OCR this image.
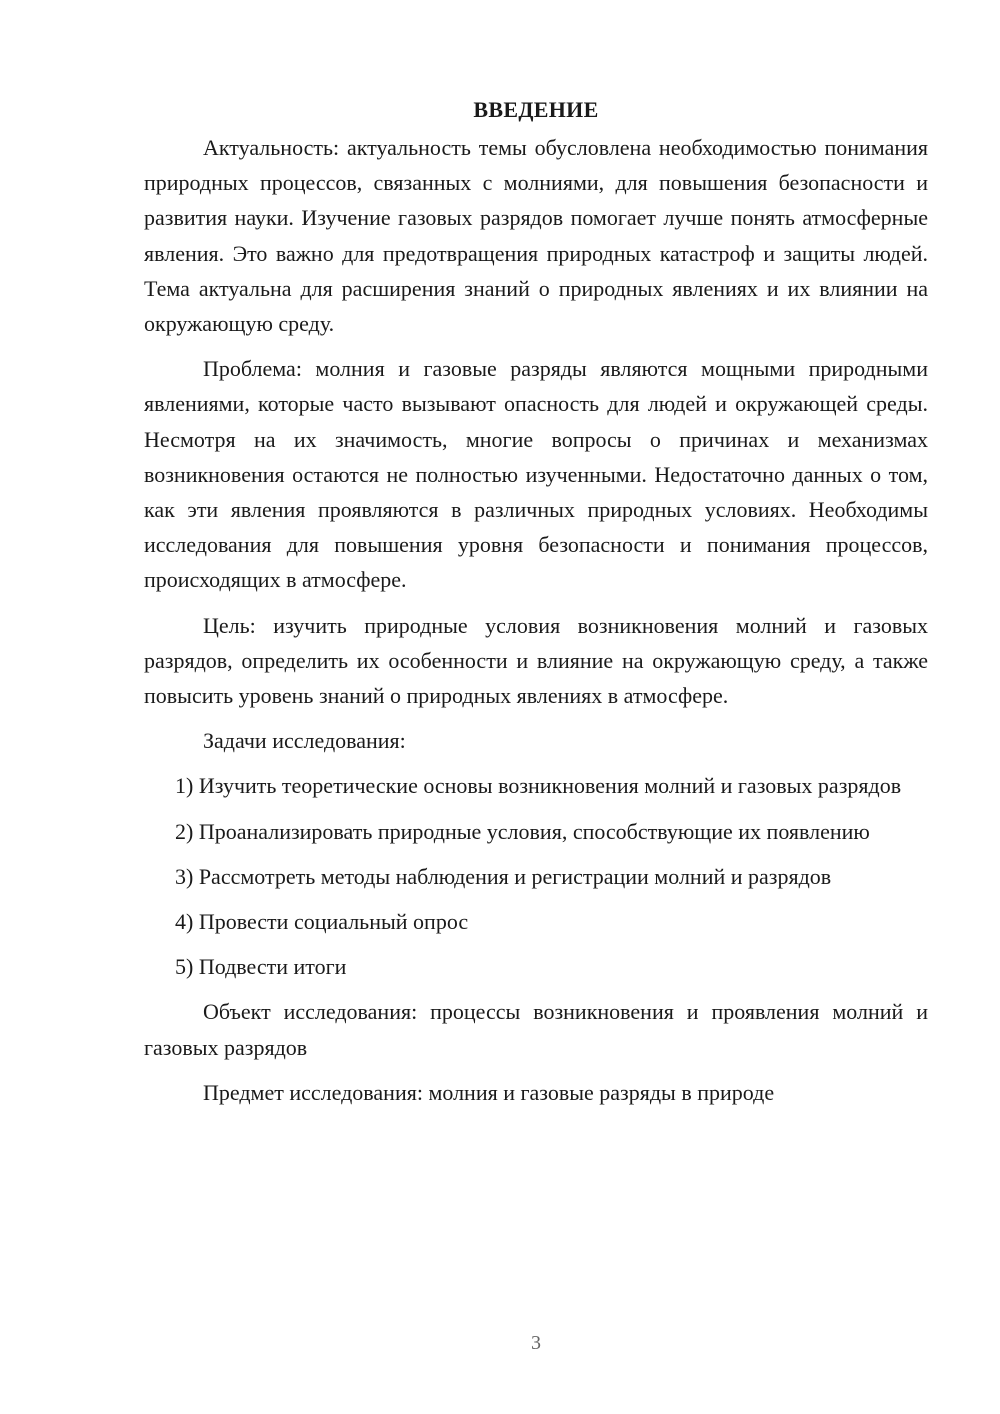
ВВЕДЕНИЕ

Актуальность: актуальность темы обусловлена необходимостью понимания природных процессов, связанных с молниями, для повышения безопасности и развития науки. Изучение газовых разрядов помогает лучше понять атмосферные явления. Это важно для предотвращения природных катастроф и защиты людей. Тема актуальна для расширения знаний о природных явлениях и их влиянии на окружающую среду.

Проблема: молния и газовые разряды являются мощными природными явлениями, которые часто вызывают опасность для людей и окружающей среды. Несмотря на их значимость, многие вопросы о причинах и механизмах возникновения остаются не полностью изученными. Недостаточно данных о том, как эти явления проявляются в различных природных условиях. Необходимы исследования для повышения уровня безопасности и понимания процессов, происходящих в атмосфере.

Цель: изучить природные условия возникновения молний и газовых разрядов, определить их особенности и влияние на окружающую среду, а также повысить уровень знаний о природных явлениях в атмосфере.

Задачи исследования:

1) Изучить теоретические основы возникновения молний и газовых разрядов

2) Проанализировать природные условия, способствующие их появлению

3) Рассмотреть методы наблюдения и регистрации молний и разрядов

4) Провести социальный опрос

5) Подвести итоги

Объект исследования: процессы возникновения и проявления молний и газовых разрядов

Предмет исследования: молния и газовые разряды в природе

3
